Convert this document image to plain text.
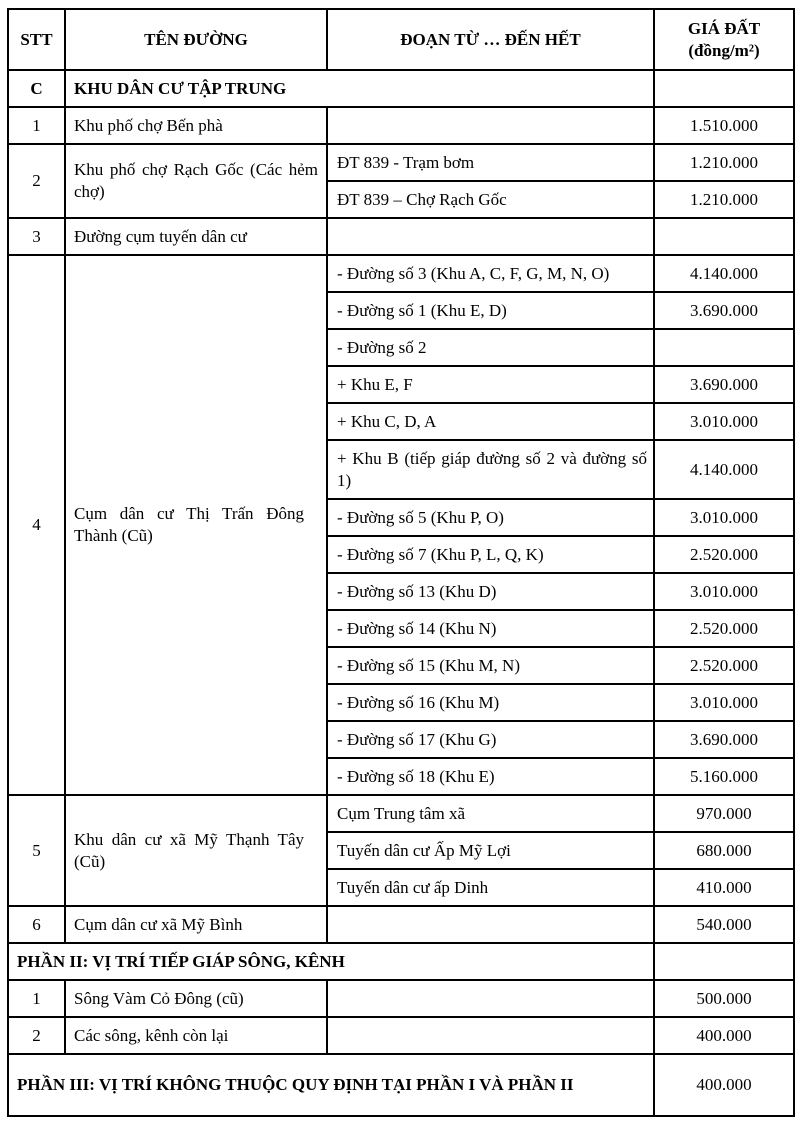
STT	TÊN ĐƯỜNG	ĐOẠN TỪ … ĐẾN HẾT	GIÁ ĐẤT
(đồng/m²)

C	KHU DÂN CƯ TẬP TRUNG		
1	Khu phố chợ Bến phà		1.510.000
2	Khu phố chợ Rạch Gốc (Các hẻm chợ)	ĐT 839 - Trạm bơm	1.210.000
		ĐT 839 – Chợ Rạch Gốc	1.210.000
3	Đường cụm tuyến dân cư		
4	Cụm dân cư Thị Trấn Đông Thành (Cũ)	- Đường số 3 (Khu A, C, F, G, M, N, O)	4.140.000
		- Đường số 1 (Khu E, D)	3.690.000
		- Đường số 2	
		+ Khu E, F	3.690.000
		+ Khu C, D, A	3.010.000
		+ Khu B (tiếp giáp đường số 2 và đường số 1)	4.140.000
		- Đường số 5 (Khu P, O)	3.010.000
		- Đường số 7 (Khu P, L, Q, K)	2.520.000
		- Đường số 13 (Khu D)	3.010.000
		- Đường số 14 (Khu N)	2.520.000
		- Đường số 15 (Khu M, N)	2.520.000
		- Đường số 16 (Khu M)	3.010.000
		- Đường số 17 (Khu G)	3.690.000
		- Đường số 18 (Khu E)	5.160.000
5	Khu dân cư xã Mỹ Thạnh Tây (Cũ)	Cụm Trung tâm xã	970.000
		Tuyến dân cư Ấp Mỹ Lợi	680.000
		Tuyến dân cư ấp Dinh	410.000
6	Cụm dân cư xã Mỹ Bình		540.000
PHẦN II: VỊ TRÍ TIẾP GIÁP SÔNG, KÊNH			
1	Sông Vàm Cỏ Đông (cũ)		500.000
2	Các sông, kênh còn lại		400.000
PHẦN III: VỊ TRÍ KHÔNG THUỘC QUY ĐỊNH TẠI PHẦN I VÀ PHẦN II			400.000
